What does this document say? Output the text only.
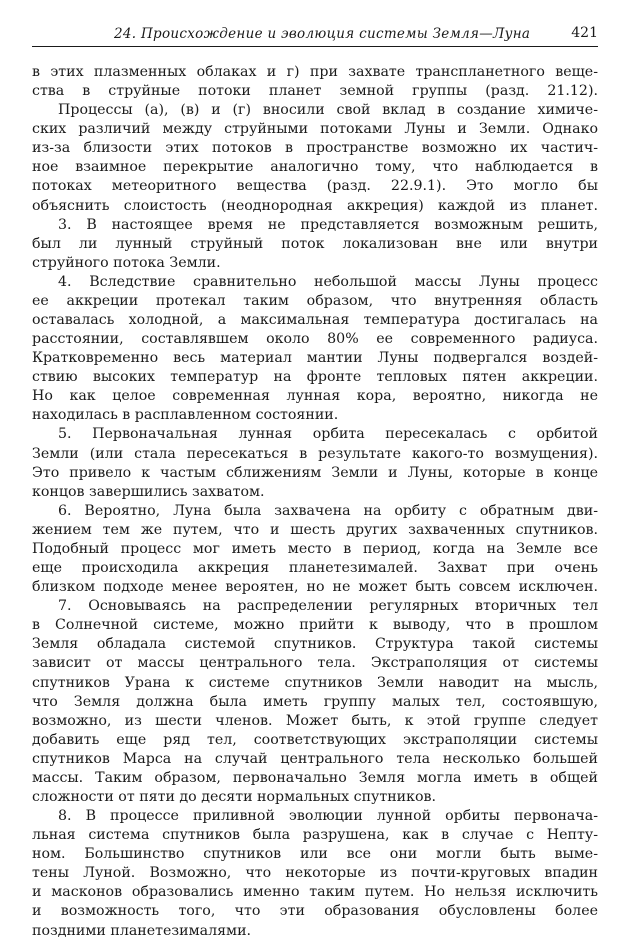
24. Происхождение и эволюция системы Земля—Луна	421
в этих плазменных облаках и г) при захвате транспланетного веще-
ства в струйные потоки планет земной группы (разд. 21.12).
Процессы (а), (в) и (г) вносили свой вклад в создание химиче-
ских различий между струйными потоками Луны и Земли. Однако
из-за близости этих потоков в пространстве возможно их частич-
ное взаимное перекрытие аналогично тому, что наблюдается в
потоках метеоритного вещества (разд. 22.9.1). Это могло бы
объяснить слоистость (неоднородная аккреция) каждой из планет.
3. В настоящее время не представляется возможным решить,
был ли лунный струйный поток локализован вне или внутри
струйного потока Земли.
4. Вследствие сравнительно небольшой массы Луны процесс
ее аккреции протекал таким образом, что внутренняя область
оставалась холодной, а максимальная температура достигалась на
расстоянии, составлявшем около 80% ее современного радиуса.
Кратковременно весь материал мантии Луны подвергался воздей-
ствию высоких температур на фронте тепловых пятен аккреции.
Но как целое современная лунная кора, вероятно, никогда не
находилась в расплавленном состоянии.
5. Первоначальная лунная орбита пересекалась с орбитой
Земли (или стала пересекаться в результате какого-то возмущения).
Это привело к частым сближениям Земли и Луны, которые в конце
концов завершились захватом.
6. Вероятно, Луна была захвачена на орбиту с обратным дви-
жением тем же путем, что и шесть других захваченных спутников.
Подобный процесс мог иметь место в период, когда на Земле все
еще происходила аккреция планетезималей. Захват при очень
близком подходе менее вероятен, но не может быть совсем исключен.
7. Основываясь на распределении регулярных вторичных тел
в Солнечной системе, можно прийти к выводу, что в прошлом
Земля обладала системой спутников. Структура такой системы
зависит от массы центрального тела. Экстраполяция от системы
спутников Урана к системе спутников Земли наводит на мысль,
что Земля должна была иметь группу малых тел, состоявшую,
возможно, из шести членов. Может быть, к этой группе следует
добавить еще ряд тел, соответствующих экстраполяции системы
спутников Марса на случай центрального тела несколько большей
массы. Таким образом, первоначально Земля могла иметь в общей
сложности от пяти до десяти нормальных спутников.
8. В процессе приливной эволюции лунной орбиты первонача-
льная система спутников была разрушена, как в случае с Непту-
ном. Большинство спутников или все они могли быть выме-
тены Луной. Возможно, что некоторые из почти-круговых впадин
и масконов образовались именно таким путем. Но нельзя исключить
и возможность того, что эти образования обусловлены более
поздними планетезималями.
